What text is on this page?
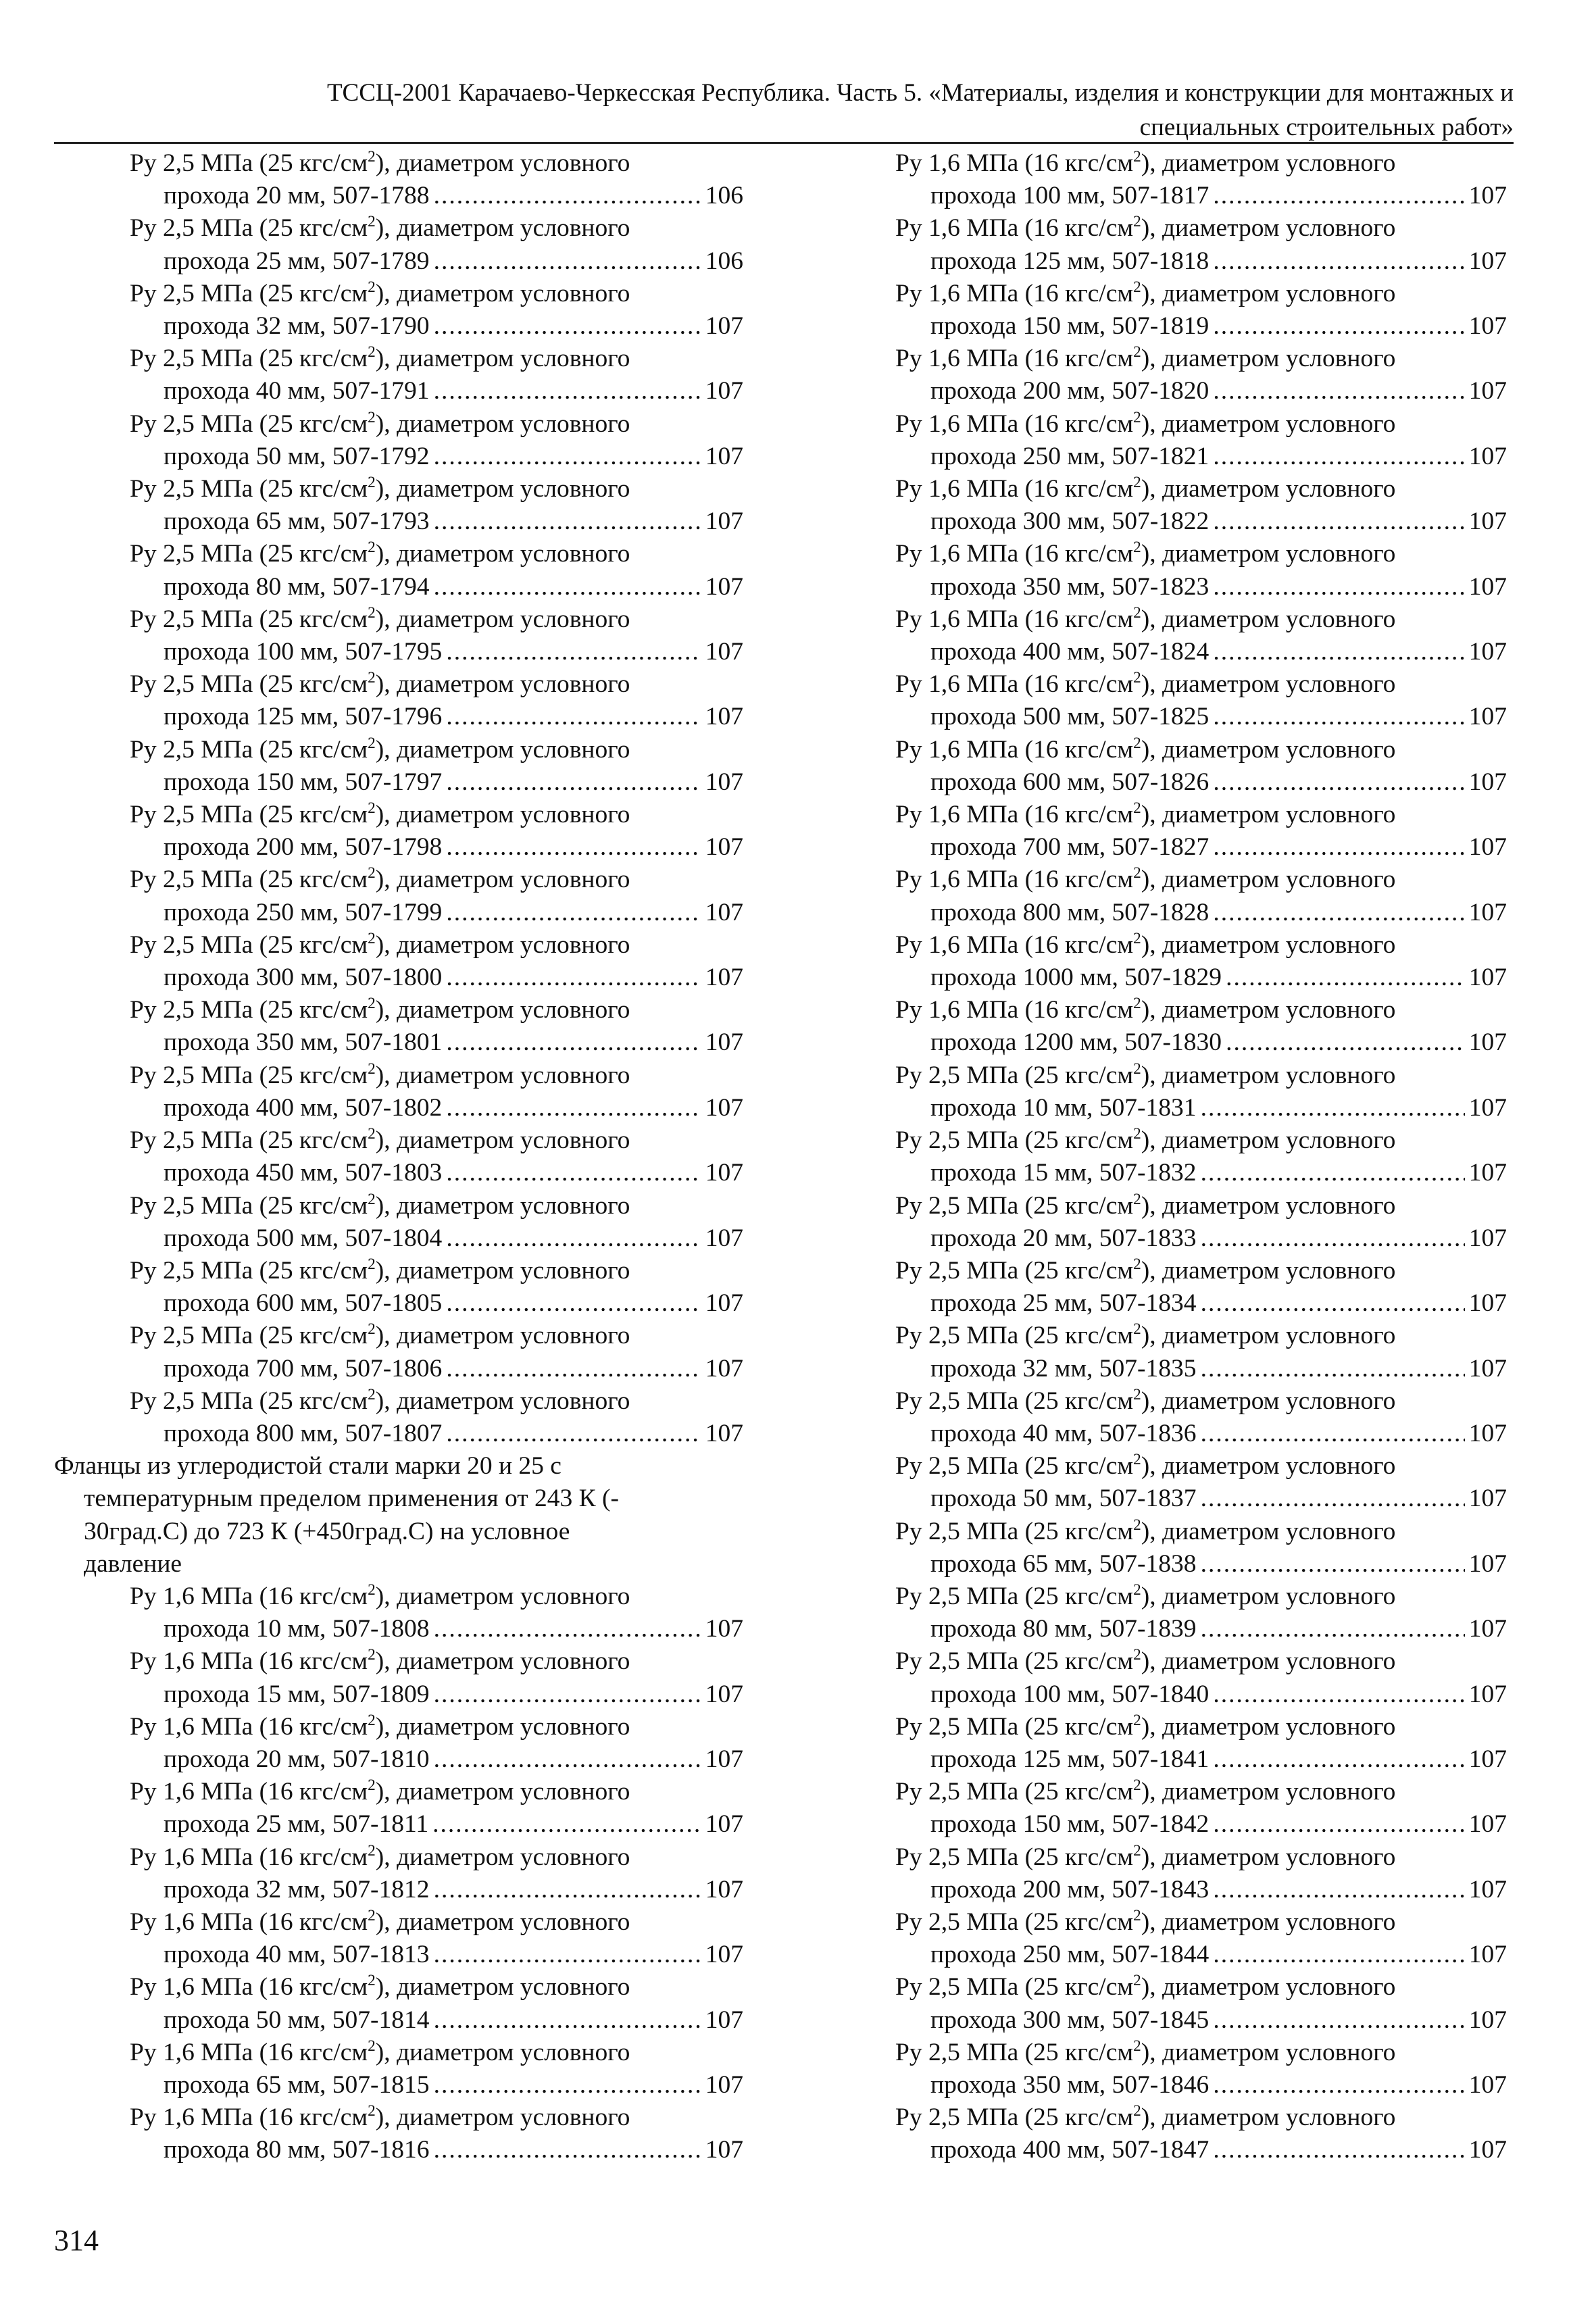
ТССЦ-2001 Карачаево-Черкесская Республика. Часть 5. «Материалы, изделия и конструкции для монтажных и
специальных строительных работ»
Ру 2,5 МПа (25 кгс/$см^2$), диаметром условного
прохода 20 мм, 507-1788 .....	106
Ру 2,5 МПа (25 кгс/$см^2$), диаметром условного
прохода 25 мм, 507-1789 .....	106
Ру 2,5 МПа (25 кгс/$см^2$), диаметром условного
прохода 32 мм, 507-1790 .....	107
Ру 2,5 МПа (25 кгс/$см^2$), диаметром условного
прохода 40 мм, 507-1791 .....	107
Ру 2,5 МПа (25 кгс/$см^2$), диаметром условного
прохода 50 мм, 507-1792 .....	107
Ру 2,5 МПа (25 кгс/$см^2$), диаметром условного
прохода 65 мм, 507-1793 .....	107
Ру 2,5 МПа (25 кгс/$см^2$), диаметром условного
прохода 80 мм, 507-1794 .....	107
Ру 2,5 МПа (25 кгс/$см^2$), диаметром условного
прохода 100 мм, 507-1795 .....	107
Ру 2,5 МПа (25 кгс/$см^2$), диаметром условного
прохода 125 мм, 507-1796 .....	107
Ру 2,5 МПа (25 кгс/$см^2$), диаметром условного
прохода 150 мм, 507-1797 .....	107
Ру 2,5 МПа (25 кгс/$см^2$), диаметром условного
прохода 200 мм, 507-1798 .....	107
Ру 2,5 МПа (25 кгс/$см^2$), диаметром условного
прохода 250 мм, 507-1799 .....	107
Ру 2,5 МПа (25 кгс/$см^2$), диаметром условного
прохода 300 мм, 507-1800 .....	107
Ру 2,5 МПа (25 кгс/$см^2$), диаметром условного
прохода 350 мм, 507-1801 .....	107
Ру 2,5 МПа (25 кгс/$см^2$), диаметром условного
прохода 400 мм, 507-1802 .....	107
Ру 2,5 МПа (25 кгс/$см^2$), диаметром условного
прохода 450 мм, 507-1803 .....	107
Ру 2,5 МПа (25 кгс/$см^2$), диаметром условного
прохода 500 мм, 507-1804 .....	107
Ру 2,5 МПа (25 кгс/$см^2$), диаметром условного
прохода 600 мм, 507-1805 .....	107
Ру 2,5 МПа (25 кгс/$см^2$), диаметром условного
прохода 700 мм, 507-1806 .....	107
Ру 2,5 МПа (25 кгс/$см^2$), диаметром условного
прохода 800 мм, 507-1807 .....	107
Фланцы из углеродистой стали марки 20 и 25 с
температурным пределом применения от 243 К (-
30град.С) до 723 К (+450град.С) на условное
давление
Ру 1,6 МПа (16 кгс/$см^2$), диаметром условного
прохода 10 мм, 507-1808 .....	107
Ру 1,6 МПа (16 кгс/$см^2$), диаметром условного
прохода 15 мм, 507-1809 .....	107
Ру 1,6 МПа (16 кгс/$см^2$), диаметром условного
прохода 20 мм, 507-1810 .....	107
Ру 1,6 МПа (16 кгс/$см^2$), диаметром условного
прохода 25 мм, 507-1811 .....	107
Ру 1,6 МПа (16 кгс/$см^2$), диаметром условного
прохода 32 мм, 507-1812 .....	107
Ру 1,6 МПа (16 кгс/$см^2$), диаметром условного
прохода 40 мм, 507-1813 .....	107
Ру 1,6 МПа (16 кгс/$см^2$), диаметром условного
прохода 50 мм, 507-1814 .....	107
Ру 1,6 МПа (16 кгс/$см^2$), диаметром условного
прохода 65 мм, 507-1815 .....	107
Ру 1,6 МПа (16 кгс/$см^2$), диаметром условного
прохода 80 мм, 507-1816 .....	107
Ру 1,6 МПа (16 кгс/$см^2$), диаметром условного
прохода 100 мм, 507-1817 .....	107
Ру 1,6 МПа (16 кгс/$см^2$), диаметром условного
прохода 125 мм, 507-1818 .....	107
Ру 1,6 МПа (16 кгс/$см^2$), диаметром условного
прохода 150 мм, 507-1819 .....	107
Ру 1,6 МПа (16 кгс/$см^2$), диаметром условного
прохода 200 мм, 507-1820 .....	107
Ру 1,6 МПа (16 кгс/$см^2$), диаметром условного
прохода 250 мм, 507-1821 .....	107
Ру 1,6 МПа (16 кгс/$см^2$), диаметром условного
прохода 300 мм, 507-1822 .....	107
Ру 1,6 МПа (16 кгс/$см^2$), диаметром условного
прохода 350 мм, 507-1823 .....	107
Ру 1,6 МПа (16 кгс/$см^2$), диаметром условного
прохода 400 мм, 507-1824 .....	107
Ру 1,6 МПа (16 кгс/$см^2$), диаметром условного
прохода 500 мм, 507-1825 .....	107
Ру 1,6 МПа (16 кгс/$см^2$), диаметром условного
прохода 600 мм, 507-1826 .....	107
Ру 1,6 МПа (16 кгс/$см^2$), диаметром условного
прохода 700 мм, 507-1827 .....	107
Ру 1,6 МПа (16 кгс/$см^2$), диаметром условного
прохода 800 мм, 507-1828 .....	107
Ру 1,6 МПа (16 кгс/$см^2$), диаметром условного
прохода 1000 мм, 507-1829 .....	107
Ру 1,6 МПа (16 кгс/$см^2$), диаметром условного
прохода 1200 мм, 507-1830 .....	107
Ру 2,5 МПа (25 кгс/$см^2$), диаметром условного
прохода 10 мм, 507-1831 .....	107
Ру 2,5 МПа (25 кгс/$см^2$), диаметром условного
прохода 15 мм, 507-1832 .....	107
Ру 2,5 МПа (25 кгс/$см^2$), диаметром условного
прохода 20 мм, 507-1833 .....	107
Ру 2,5 МПа (25 кгс/$см^2$), диаметром условного
прохода 25 мм, 507-1834 .....	107
Ру 2,5 МПа (25 кгс/$см^2$), диаметром условного
прохода 32 мм, 507-1835 .....	107
Ру 2,5 МПа (25 кгс/$см^2$), диаметром условного
прохода 40 мм, 507-1836 .....	107
Ру 2,5 МПа (25 кгс/$см^2$), диаметром условного
прохода 50 мм, 507-1837 .....	107
Ру 2,5 МПа (25 кгс/$см^2$), диаметром условного
прохода 65 мм, 507-1838 .....	107
Ру 2,5 МПа (25 кгс/$см^2$), диаметром условного
прохода 80 мм, 507-1839 .....	107
Ру 2,5 МПа (25 кгс/$см^2$), диаметром условного
прохода 100 мм, 507-1840 .....	107
Ру 2,5 МПа (25 кгс/$см^2$), диаметром условного
прохода 125 мм, 507-1841 .....	107
Ру 2,5 МПа (25 кгс/$см^2$), диаметром условного
прохода 150 мм, 507-1842 .....	107
Ру 2,5 МПа (25 кгс/$см^2$), диаметром условного
прохода 200 мм, 507-1843 .....	107
Ру 2,5 МПа (25 кгс/$см^2$), диаметром условного
прохода 250 мм, 507-1844 .....	107
Ру 2,5 МПа (25 кгс/$см^2$), диаметром условного
прохода 300 мм, 507-1845 .....	107
Ру 2,5 МПа (25 кгс/$см^2$), диаметром условного
прохода 350 мм, 507-1846 .....	107
Ру 2,5 МПа (25 кгс/$см^2$), диаметром условного
прохода 400 мм, 507-1847 .....	107
314
